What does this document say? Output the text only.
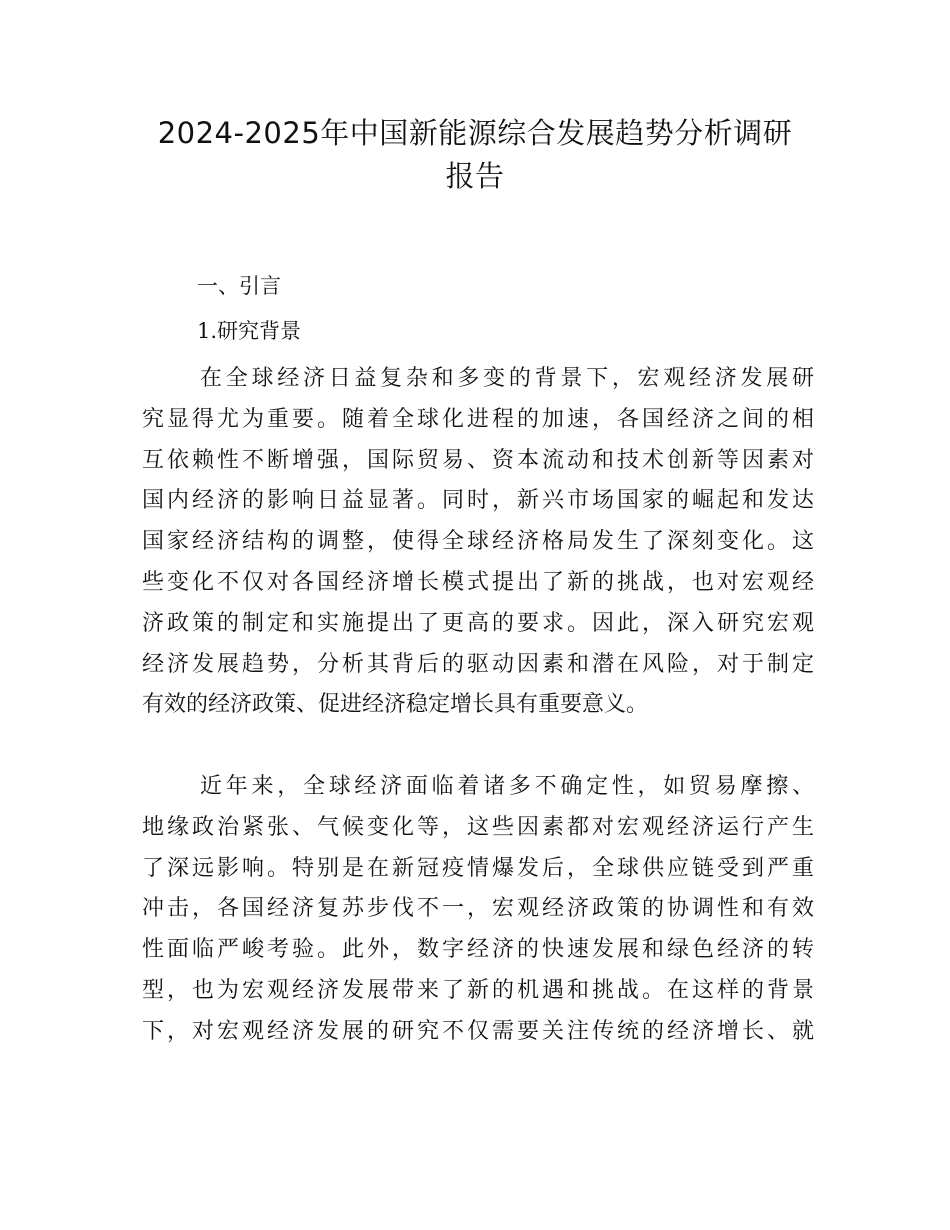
2024-2025年中国新能源综合发展趋势分析调研
报告
一、引言
1.研究背景
在全球经济日益复杂和多变的背景下，宏观经济发展研
究显得尤为重要。随着全球化进程的加速，各国经济之间的相
互依赖性不断增强，国际贸易、资本流动和技术创新等因素对
国内经济的影响日益显著。同时，新兴市场国家的崛起和发达
国家经济结构的调整，使得全球经济格局发生了深刻变化。这
些变化不仅对各国经济增长模式提出了新的挑战，也对宏观经
济政策的制定和实施提出了更高的要求。因此，深入研究宏观
经济发展趋势，分析其背后的驱动因素和潜在风险，对于制定
有效的经济政策、促进经济稳定增长具有重要意义。
近年来，全球经济面临着诸多不确定性，如贸易摩擦、
地缘政治紧张、气候变化等，这些因素都对宏观经济运行产生
了深远影响。特别是在新冠疫情爆发后，全球供应链受到严重
冲击，各国经济复苏步伐不一，宏观经济政策的协调性和有效
性面临严峻考验。此外，数字经济的快速发展和绿色经济的转
型，也为宏观经济发展带来了新的机遇和挑战。在这样的背景
下，对宏观经济发展的研究不仅需要关注传统的经济增长、就
